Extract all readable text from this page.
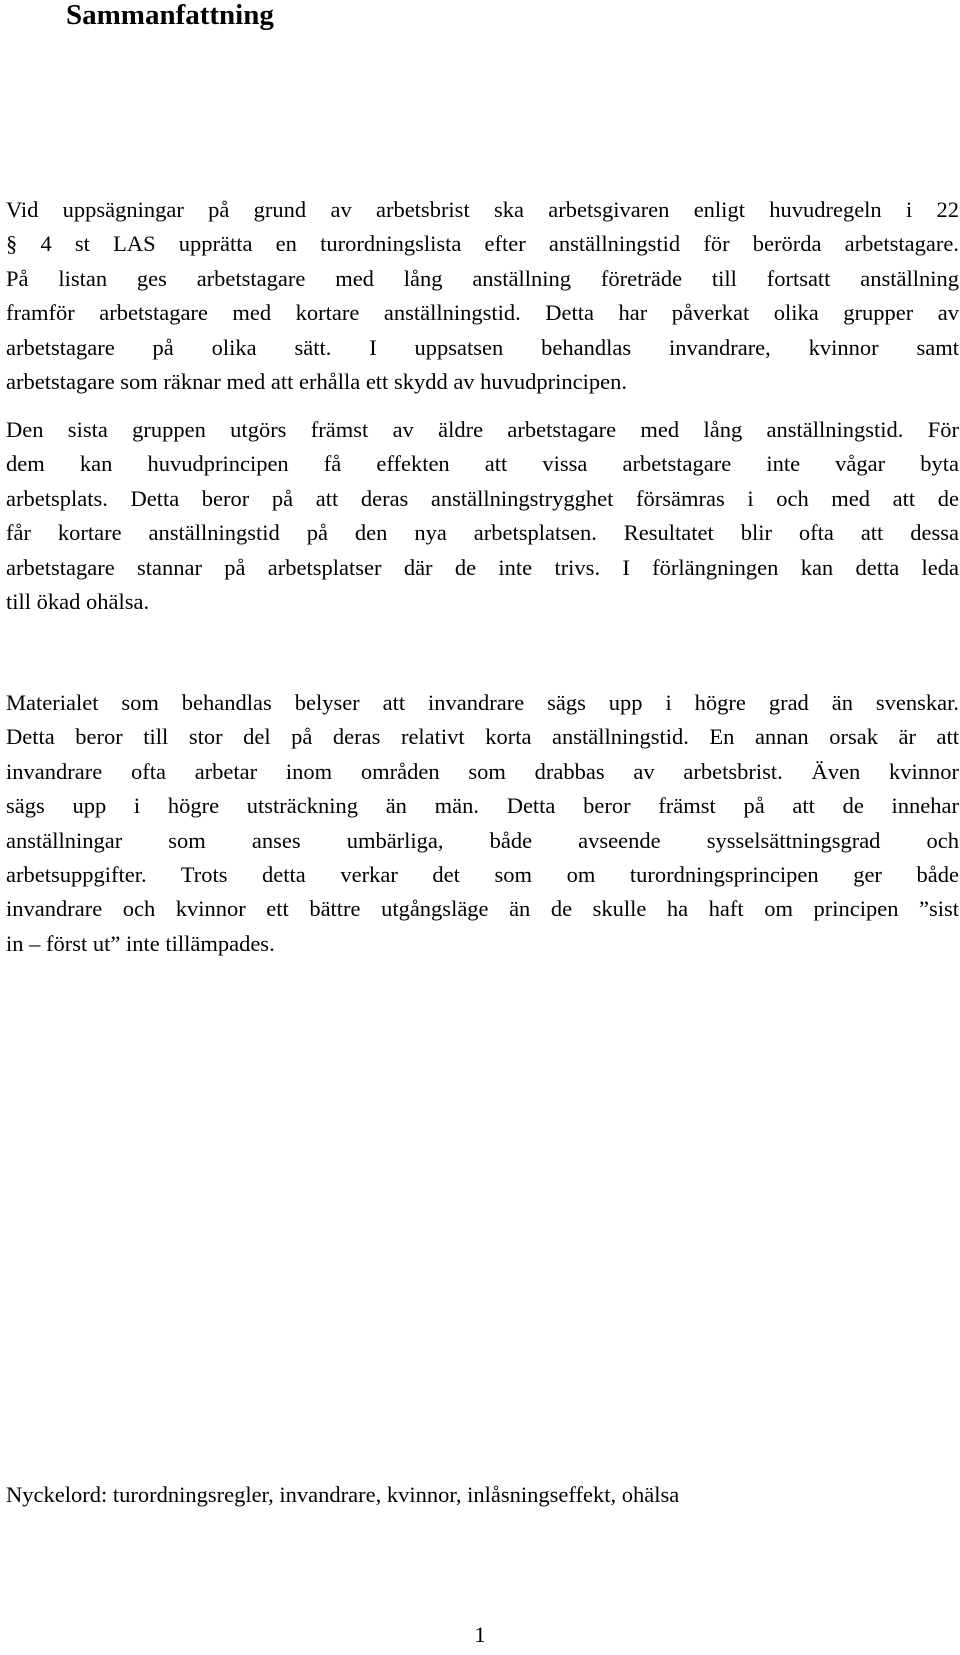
Sammanfattning

Vid uppsägningar på grund av arbetsbrist ska arbetsgivaren enligt huvudregeln i 22
§ 4 st LAS upprätta en turordningslista efter anställningstid för berörda arbetstagare.
På listan ges arbetstagare med lång anställning företräde till fortsatt anställning
framför arbetstagare med kortare anställningstid. Detta har påverkat olika grupper av
arbetstagare på olika sätt. I uppsatsen behandlas invandrare, kvinnor samt
arbetstagare som räknar med att erhålla ett skydd av huvudprincipen.

Den sista gruppen utgörs främst av äldre arbetstagare med lång anställningstid. För
dem kan huvudprincipen få effekten att vissa arbetstagare inte vågar byta
arbetsplats. Detta beror på att deras anställningstrygghet försämras i och med att de
får kortare anställningstid på den nya arbetsplatsen. Resultatet blir ofta att dessa
arbetstagare stannar på arbetsplatser där de inte trivs. I förlängningen kan detta leda
till ökad ohälsa.

Materialet som behandlas belyser att invandrare sägs upp i högre grad än svenskar.
Detta beror till stor del på deras relativt korta anställningstid. En annan orsak är att
invandrare ofta arbetar inom områden som drabbas av arbetsbrist. Även kvinnor
sägs upp i högre utsträckning än män. Detta beror främst på att de innehar
anställningar som anses umbärliga, både avseende sysselsättningsgrad och
arbetsuppgifter. Trots detta verkar det som om turordningsprincipen ger både
invandrare och kvinnor ett bättre utgångsläge än de skulle ha haft om principen ”sist
in – först ut” inte tillämpades.

Nyckelord: turordningsregler, invandrare, kvinnor, inlåsningseffekt, ohälsa

1
